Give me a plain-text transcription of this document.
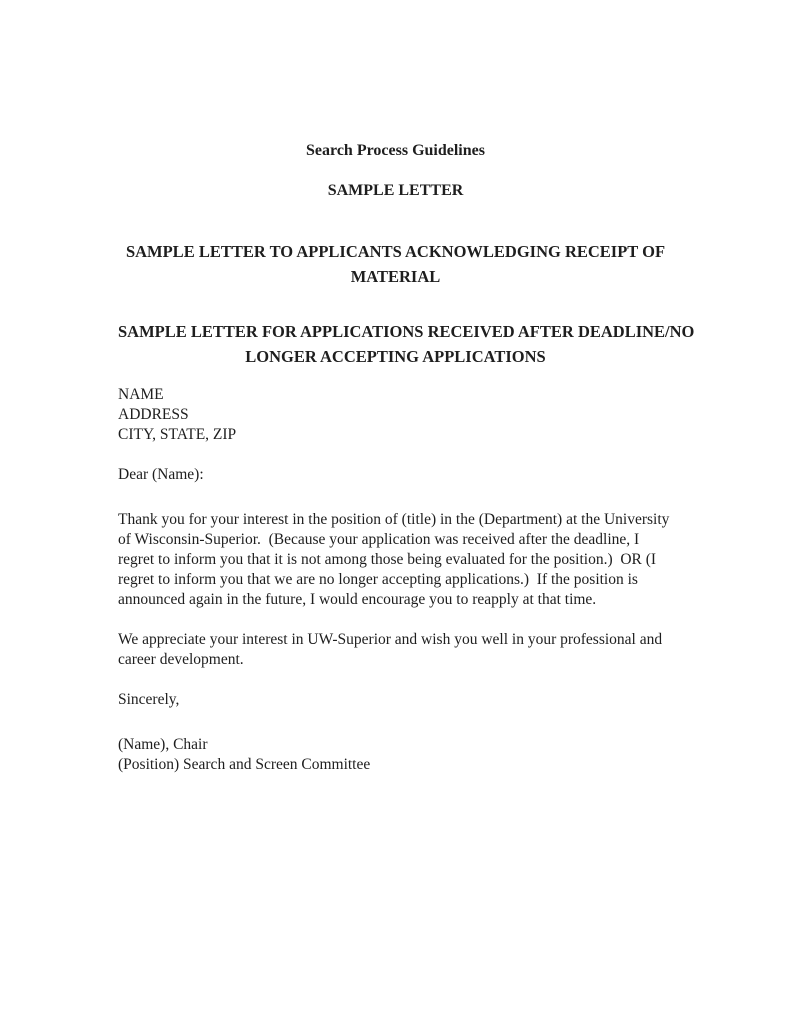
Search Process Guidelines
SAMPLE LETTER
SAMPLE LETTER TO APPLICANTS ACKNOWLEDGING RECEIPT OF
MATERIAL
SAMPLE LETTER FOR APPLICATIONS RECEIVED AFTER DEADLINE/NO
LONGER ACCEPTING APPLICATIONS
NAME
ADDRESS
CITY, STATE, ZIP
Dear (Name):
Thank you for your interest in the position of (title) in the (Department) at the University
of Wisconsin-Superior.  (Because your application was received after the deadline, I
regret to inform you that it is not among those being evaluated for the position.)  OR (I
regret to inform you that we are no longer accepting applications.)  If the position is
announced again in the future, I would encourage you to reapply at that time.
We appreciate your interest in UW-Superior and wish you well in your professional and
career development.
Sincerely,
(Name), Chair
(Position) Search and Screen Committee
